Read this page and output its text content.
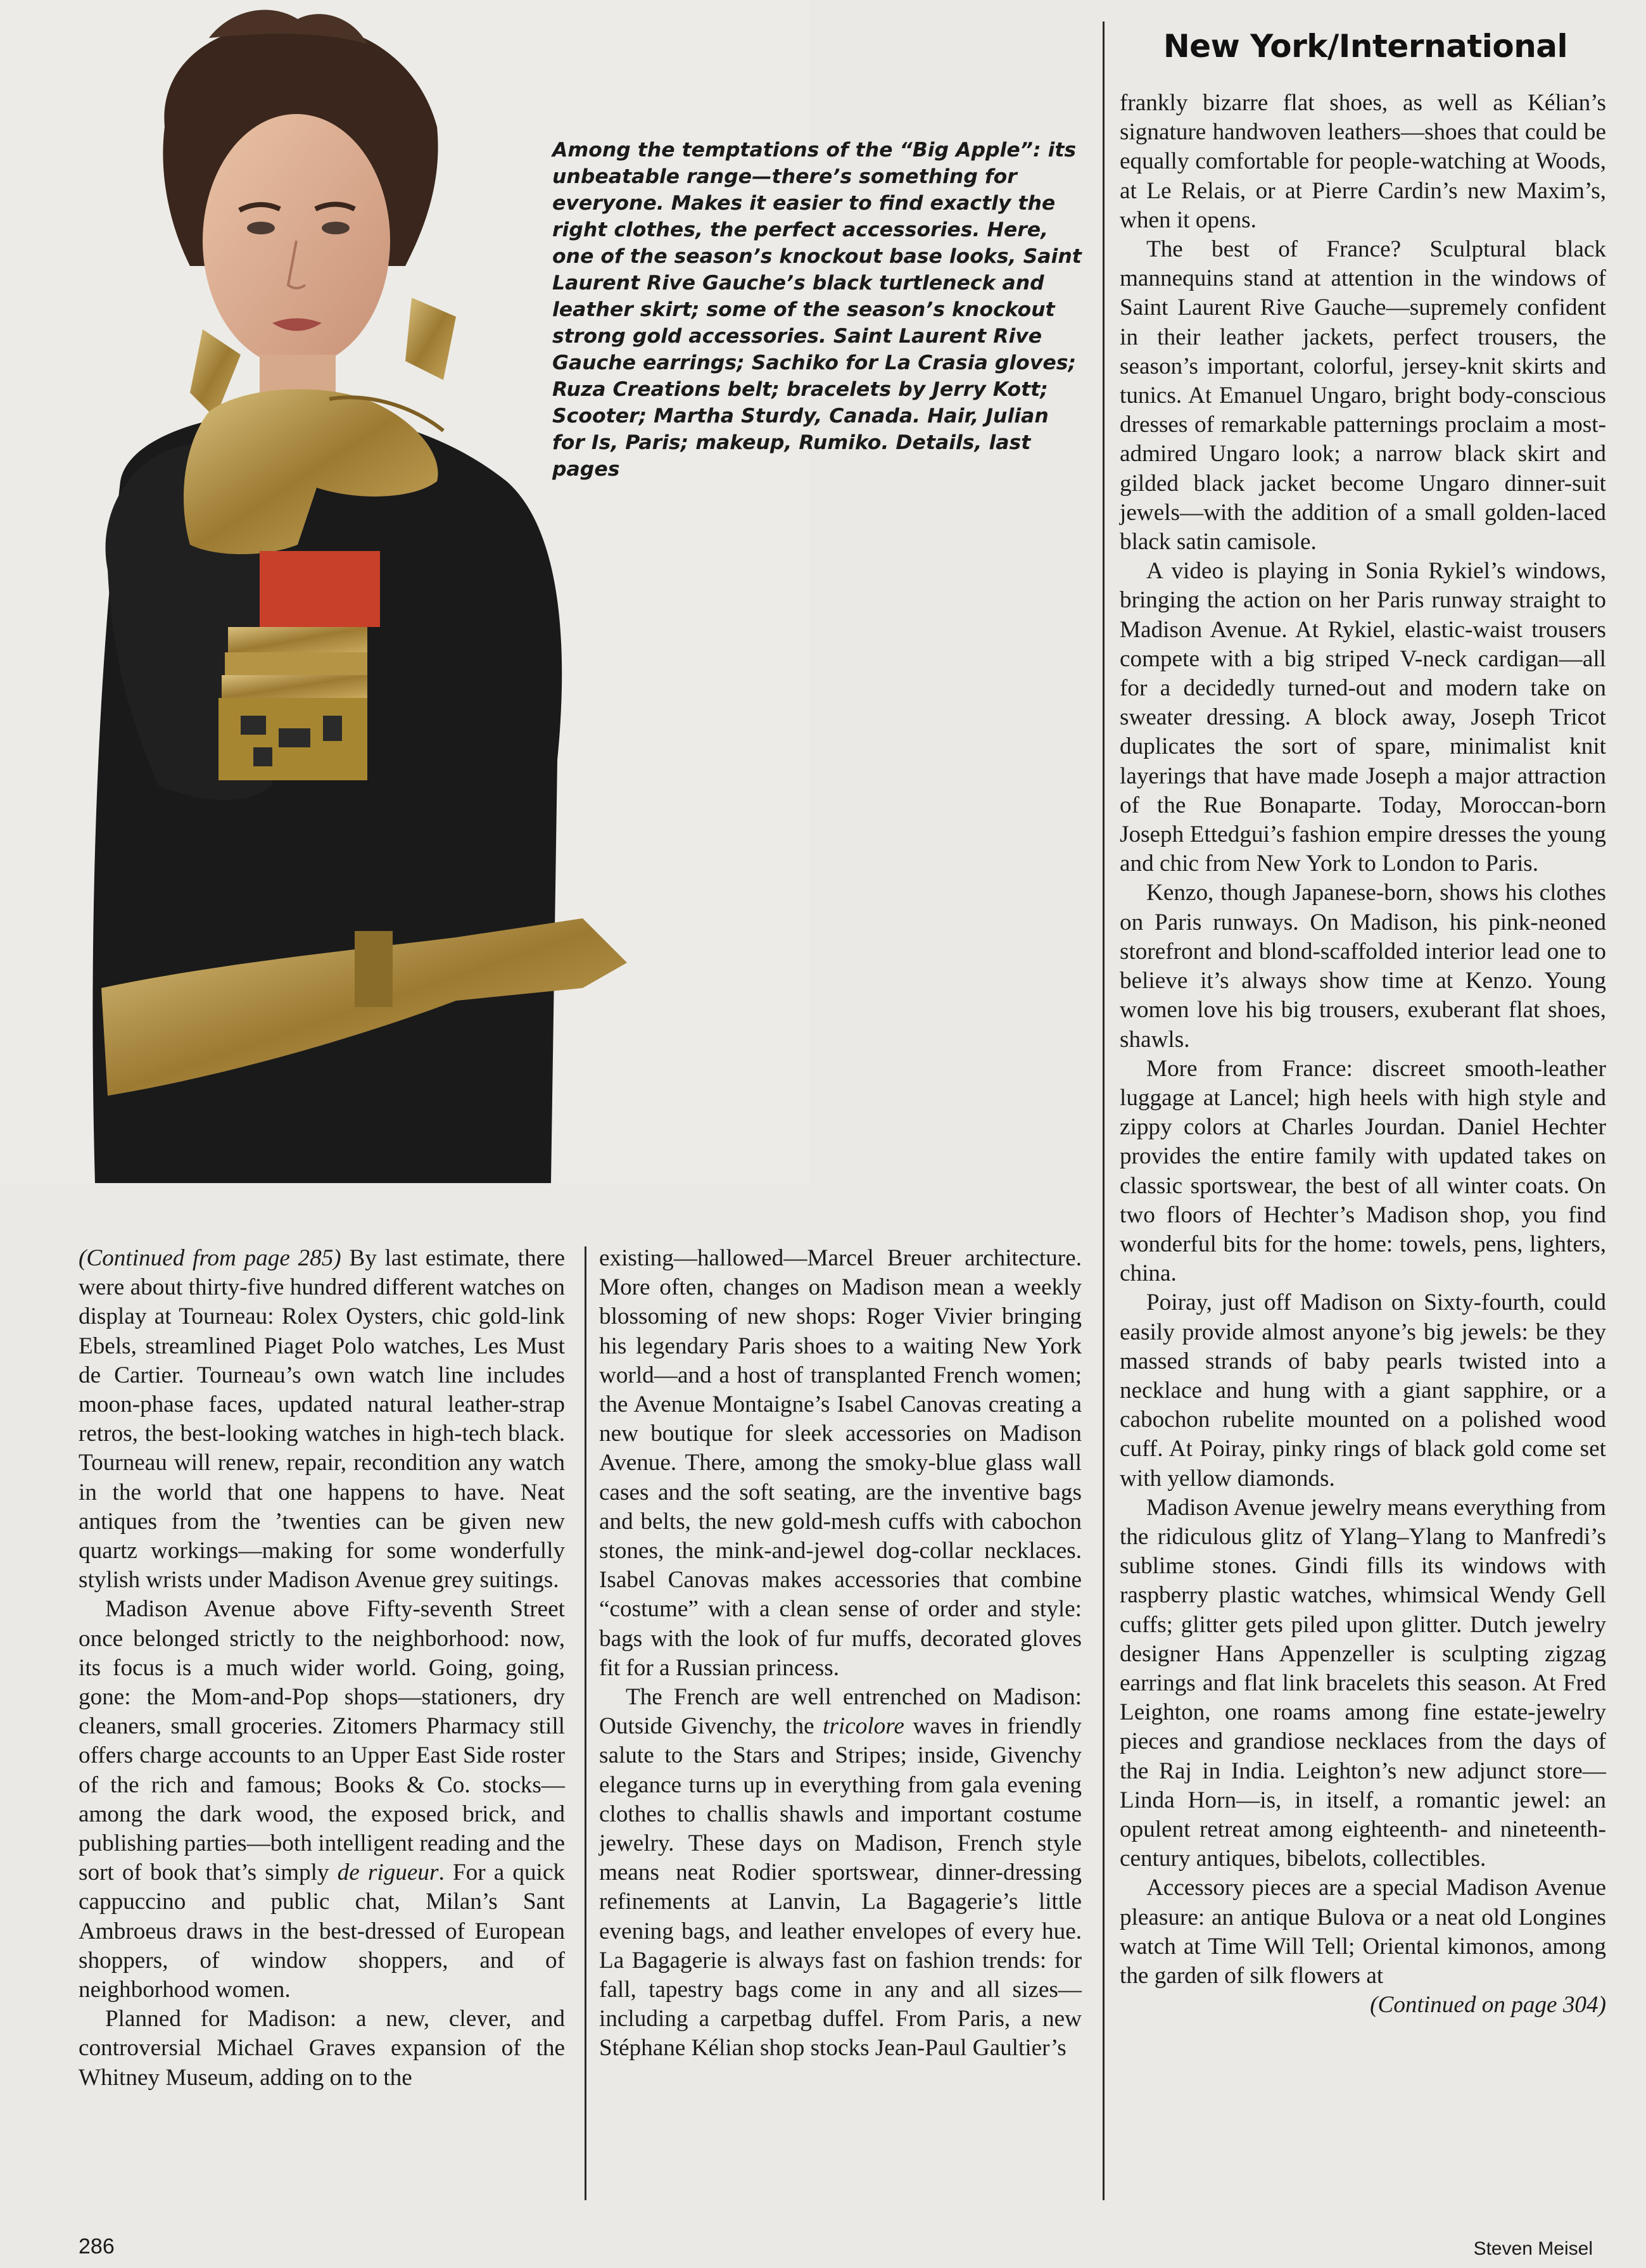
Among the temptations of the “Big Apple”: its unbeatable range—there’s something for everyone. Makes it easier to find exactly the right clothes, the perfect accessories. Here, one of the season’s knockout base looks, Saint Laurent Rive Gauche’s black turtleneck and leather skirt; some of the season’s knockout strong gold accessories. Saint Laurent Rive Gauche earrings; Sachiko for La Crasia gloves; Ruza Creations belt; bracelets by Jerry Kott; Scooter; Martha Sturdy, Canada. Hair, Julian for Is, Paris; makeup, Rumiko. Details, last pages

New York/International

(Continued from page 285) By last estimate, there were about thirty-five hundred different watches on display at Tourneau: Rolex Oysters, chic gold-link Ebels, streamlined Piaget Polo watches, Les Must de Cartier. Tourneau’s own watch line includes moon-phase faces, updated natural leather-strap retros, the best-looking watches in high-tech black. Tourneau will renew, repair, recondition any watch in the world that one happens to have. Neat antiques from the ’twenties can be given new quartz workings—making for some wonderfully stylish wrists under Madison Avenue grey suitings.

Madison Avenue above Fifty-seventh Street once belonged strictly to the neighborhood: now, its focus is a much wider world. Going, going, gone: the Mom-and-Pop shops—stationers, dry cleaners, small groceries. Zitomers Pharmacy still offers charge accounts to an Upper East Side roster of the rich and famous; Books & Co. stocks—among the dark wood, the exposed brick, and publishing parties—both intelligent reading and the sort of book that’s simply de rigueur. For a quick cappuccino and public chat, Milan’s Sant Ambroeus draws in the best-dressed of European shoppers, of window shoppers, and of neighborhood women.

Planned for Madison: a new, clever, and controversial Michael Graves expansion of the Whitney Museum, adding on to the

existing—hallowed—Marcel Breuer architecture. More often, changes on Madison mean a weekly blossoming of new shops: Roger Vivier bringing his legendary Paris shoes to a waiting New York world—and a host of transplanted French women; the Avenue Montaigne’s Isabel Canovas creating a new boutique for sleek accessories on Madison Avenue. There, among the smoky-blue glass wall cases and the soft seating, are the inventive bags and belts, the new gold-mesh cuffs with cabochon stones, the mink-and-jewel dog-collar necklaces. Isabel Canovas makes accessories that combine “costume” with a clean sense of order and style: bags with the look of fur muffs, decorated gloves fit for a Russian princess.

The French are well entrenched on Madison: Outside Givenchy, the tricolore waves in friendly salute to the Stars and Stripes; inside, Givenchy elegance turns up in everything from gala evening clothes to challis shawls and important costume jewelry. These days on Madison, French style means neat Rodier sportswear, dinner-dressing refinements at Lanvin, La Bagagerie’s little evening bags, and leather envelopes of every hue. La Bagagerie is always fast on fashion trends: for fall, tapestry bags come in any and all sizes—including a carpetbag duffel. From Paris, a new Stéphane Kélian shop stocks Jean-Paul Gaultier’s

frankly bizarre flat shoes, as well as Kélian’s signature handwoven leathers—shoes that could be equally comfortable for people-watching at Woods, at Le Relais, or at Pierre Cardin’s new Maxim’s, when it opens.

The best of France? Sculptural black mannequins stand at attention in the windows of Saint Laurent Rive Gauche—supremely confident in their leather jackets, perfect trousers, the season’s important, colorful, jersey-knit skirts and tunics. At Emanuel Ungaro, bright body-conscious dresses of remarkable patternings proclaim a most-admired Ungaro look; a narrow black skirt and gilded black jacket become Ungaro dinner-suit jewels—with the addition of a small golden-laced black satin camisole.

A video is playing in Sonia Rykiel’s windows, bringing the action on her Paris runway straight to Madison Avenue. At Rykiel, elastic-waist trousers compete with a big striped V-neck cardigan—all for a decidedly turned-out and modern take on sweater dressing. A block away, Joseph Tricot duplicates the sort of spare, minimalist knit layerings that have made Joseph a major attraction of the Rue Bonaparte. Today, Moroccan-born Joseph Ettedgui’s fashion empire dresses the young and chic from New York to London to Paris.

Kenzo, though Japanese-born, shows his clothes on Paris runways. On Madison, his pink-neoned storefront and blond-scaffolded interior lead one to believe it’s always show time at Kenzo. Young women love his big trousers, exuberant flat shoes, shawls.

More from France: discreet smooth-leather luggage at Lancel; high heels with high style and zippy colors at Charles Jourdan. Daniel Hechter provides the entire family with updated takes on classic sportswear, the best of all winter coats. On two floors of Hechter’s Madison shop, you find wonderful bits for the home: towels, pens, lighters, china.

Poiray, just off Madison on Sixty-fourth, could easily provide almost anyone’s big jewels: be they massed strands of baby pearls twisted into a necklace and hung with a giant sapphire, or a cabochon rubelite mounted on a polished wood cuff. At Poiray, pinky rings of black gold come set with yellow diamonds.

Madison Avenue jewelry means everything from the ridiculous glitz of Ylang–Ylang to Manfredi’s sublime stones. Gindi fills its windows with raspberry plastic watches, whimsical Wendy Gell cuffs; glitter gets piled upon glitter. Dutch jewelry designer Hans Appenzeller is sculpting zigzag earrings and flat link bracelets this season. At Fred Leighton, one roams among fine estate-jewelry pieces and grandiose necklaces from the days of the Raj in India. Leighton’s new adjunct store—Linda Horn—is, in itself, a romantic jewel: an opulent retreat among eighteenth- and nineteenth-century antiques, bibelots, collectibles.

Accessory pieces are a special Madison Avenue pleasure: an antique Bulova or a neat old Longines watch at Time Will Tell; Oriental kimonos, among the garden of silk flowers at
(Continued on page 304)

286	Steven Meisel
